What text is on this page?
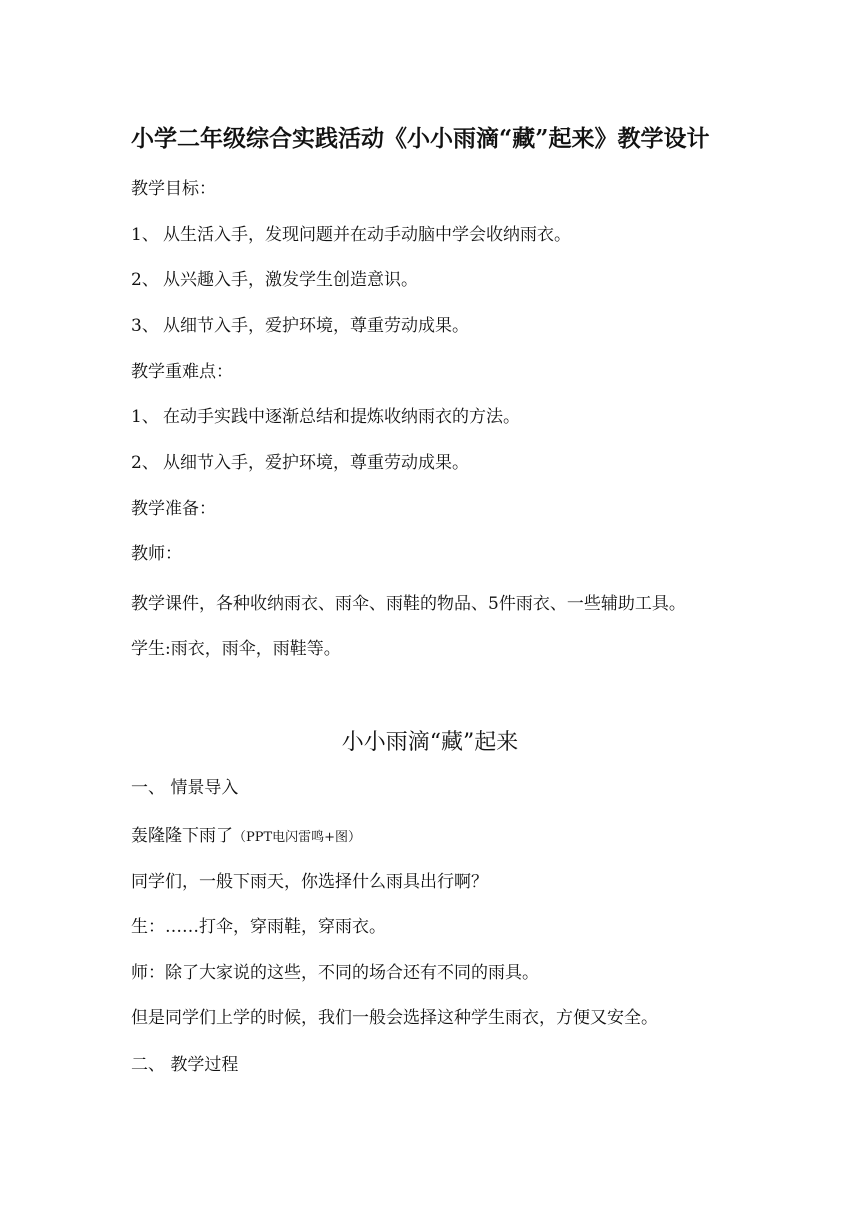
小学二年级综合实践活动《小小雨滴“藏”起来》教学设计
教学目标：
1、 从生活入手，发现问题并在动手动脑中学会收纳雨衣。
2、 从兴趣入手，激发学生创造意识。
3、 从细节入手，爱护环境，尊重劳动成果。
教学重难点：
1、 在动手实践中逐渐总结和提炼收纳雨衣的方法。
2、 从细节入手，爱护环境，尊重劳动成果。
教学准备：
教师：
教学课件，各种收纳雨衣、雨伞、雨鞋的物品、5件雨衣、一些辅助工具。
学生:雨衣，雨伞，雨鞋等。
小小雨滴“藏”起来
一、 情景导入
轰隆隆下雨了（PPT电闪雷鸣+图）
同学们，一般下雨天，你选择什么雨具出行啊？
生：……打伞，穿雨鞋，穿雨衣。
师：除了大家说的这些，不同的场合还有不同的雨具。
但是同学们上学的时候，我们一般会选择这种学生雨衣，方便又安全。
二、 教学过程
